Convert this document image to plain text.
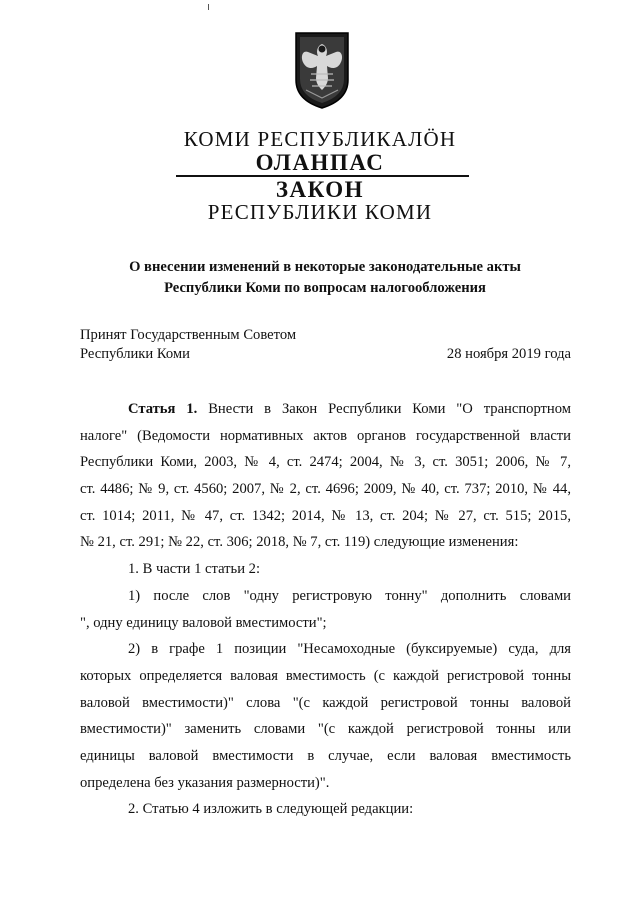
КОМИ РЕСПУБЛИКАЛÖН
ОЛАНПАС
ЗАКОН
РЕСПУБЛИКИ КОМИ
О внесении изменений в некоторые законодательные акты
Республики Коми по вопросам налогообложения
Принят Государственным Советом
Республики Коми	28 ноября 2019 года
Статья 1. Внести в Закон Республики Коми "О транспортном
налоге" (Ведомости нормативных актов органов государственной власти
Республики Коми, 2003, № 4, ст. 2474; 2004, № 3, ст. 3051; 2006, № 7,
ст. 4486; № 9, ст. 4560; 2007, № 2, ст. 4696; 2009, № 40, ст. 737; 2010, № 44,
ст. 1014; 2011, № 47, ст. 1342; 2014, № 13, ст. 204; № 27, ст. 515; 2015,
№ 21, ст. 291; № 22, ст. 306; 2018, № 7, ст. 119) следующие изменения:
1. В части 1 статьи 2:
1) после слов "одну регистровую тонну" дополнить словами
", одну единицу валовой вместимости";
2) в графе 1 позиции "Несамоходные (буксируемые) суда, для
которых определяется валовая вместимость (с каждой регистровой тонны
валовой вместимости)" слова "(с каждой регистровой тонны валовой
вместимости)" заменить словами "(с каждой регистровой тонны или
единицы валовой вместимости в случае, если валовая вместимость
определена без указания размерности)".
2. Статью 4 изложить в следующей редакции:
